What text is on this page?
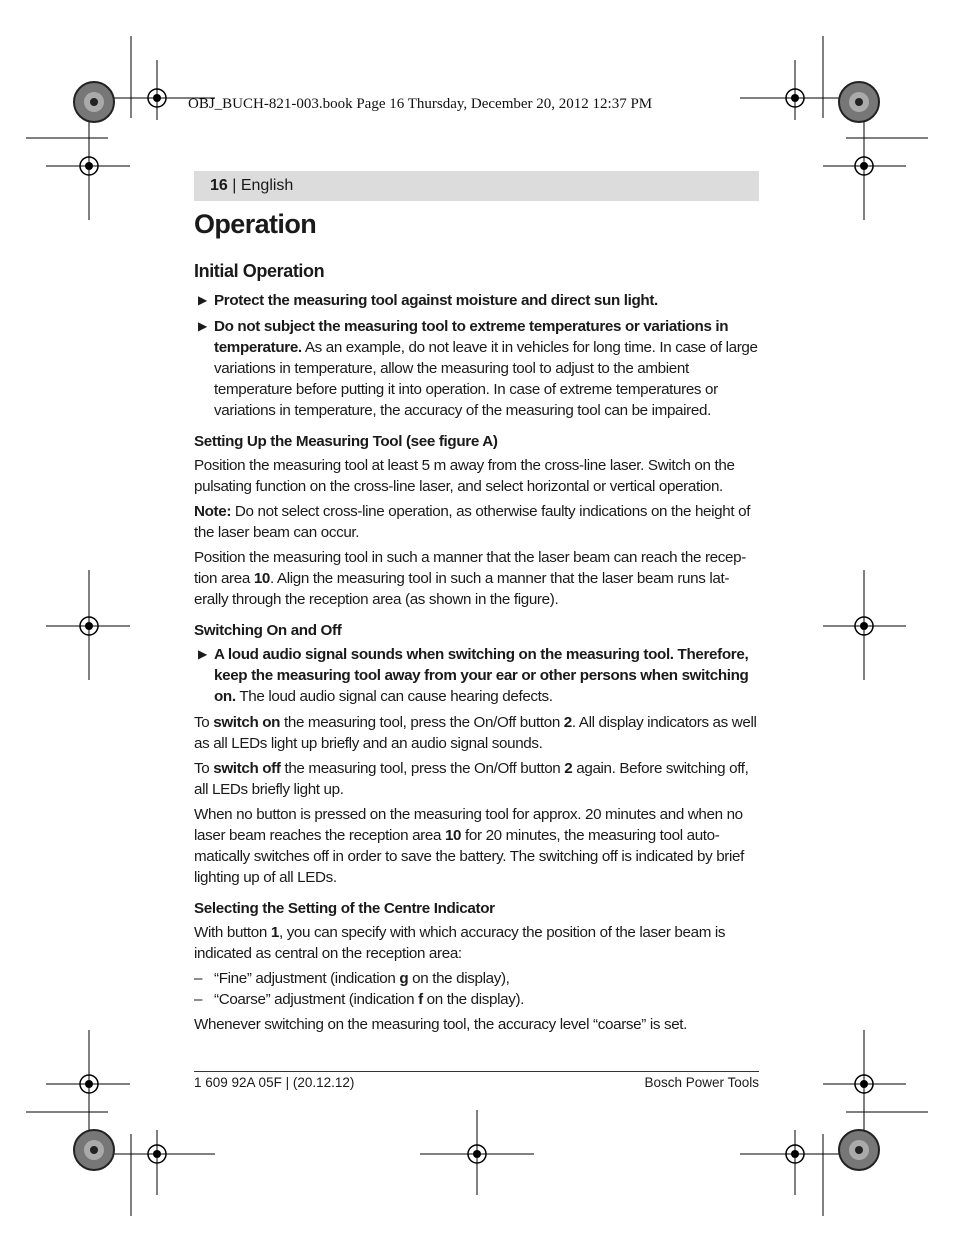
OBJ_BUCH-821-003.book Page 16 Thursday, December 20, 2012 12:37 PM
16 | English
Operation
Initial Operation
▶ Protect the measuring tool against moisture and direct sun light.
▶ Do not subject the measuring tool to extreme temperatures or variations in temperature. As an example, do not leave it in vehicles for long time. In case of large variations in temperature, allow the measuring tool to adjust to the ambient temperature before putting it into operation. In case of extreme temperatures or variations in temperature, the accuracy of the measuring tool can be impaired.
Setting Up the Measuring Tool (see figure A)

Position the measuring tool at least 5 m away from the cross-line laser. Switch on the pulsating function on the cross-line laser, and select horizontal or vertical operation.

Note: Do not select cross-line operation, as otherwise faulty indications on the height of the laser beam can occur.

Position the measuring tool in such a manner that the laser beam can reach the recep-tion area 10. Align the measuring tool in such a manner that the laser beam runs lat-erally through the reception area (as shown in the figure).

Switching On and Off
▶ A loud audio signal sounds when switching on the measuring tool. Therefore, keep the measuring tool away from your ear or other persons when switching on. The loud audio signal can cause hearing defects.

To switch on the measuring tool, press the On/Off button 2. All display indicators as well as all LEDs light up briefly and an audio signal sounds.

To switch off the measuring tool, press the On/Off button 2 again. Before switching off, all LEDs briefly light up.

When no button is pressed on the measuring tool for approx. 20 minutes and when no laser beam reaches the reception area 10 for 20 minutes, the measuring tool auto-matically switches off in order to save the battery. The switching off is indicated by brief lighting up of all LEDs.

Selecting the Setting of the Centre Indicator

With button 1, you can specify with which accuracy the position of the laser beam is indicated as central on the reception area:

– “Fine” adjustment (indication g on the display),
– “Coarse” adjustment (indication f on the display).

Whenever switching on the measuring tool, the accuracy level “coarse” is set.

1 609 92A 05F | (20.12.12)	Bosch Power Tools
